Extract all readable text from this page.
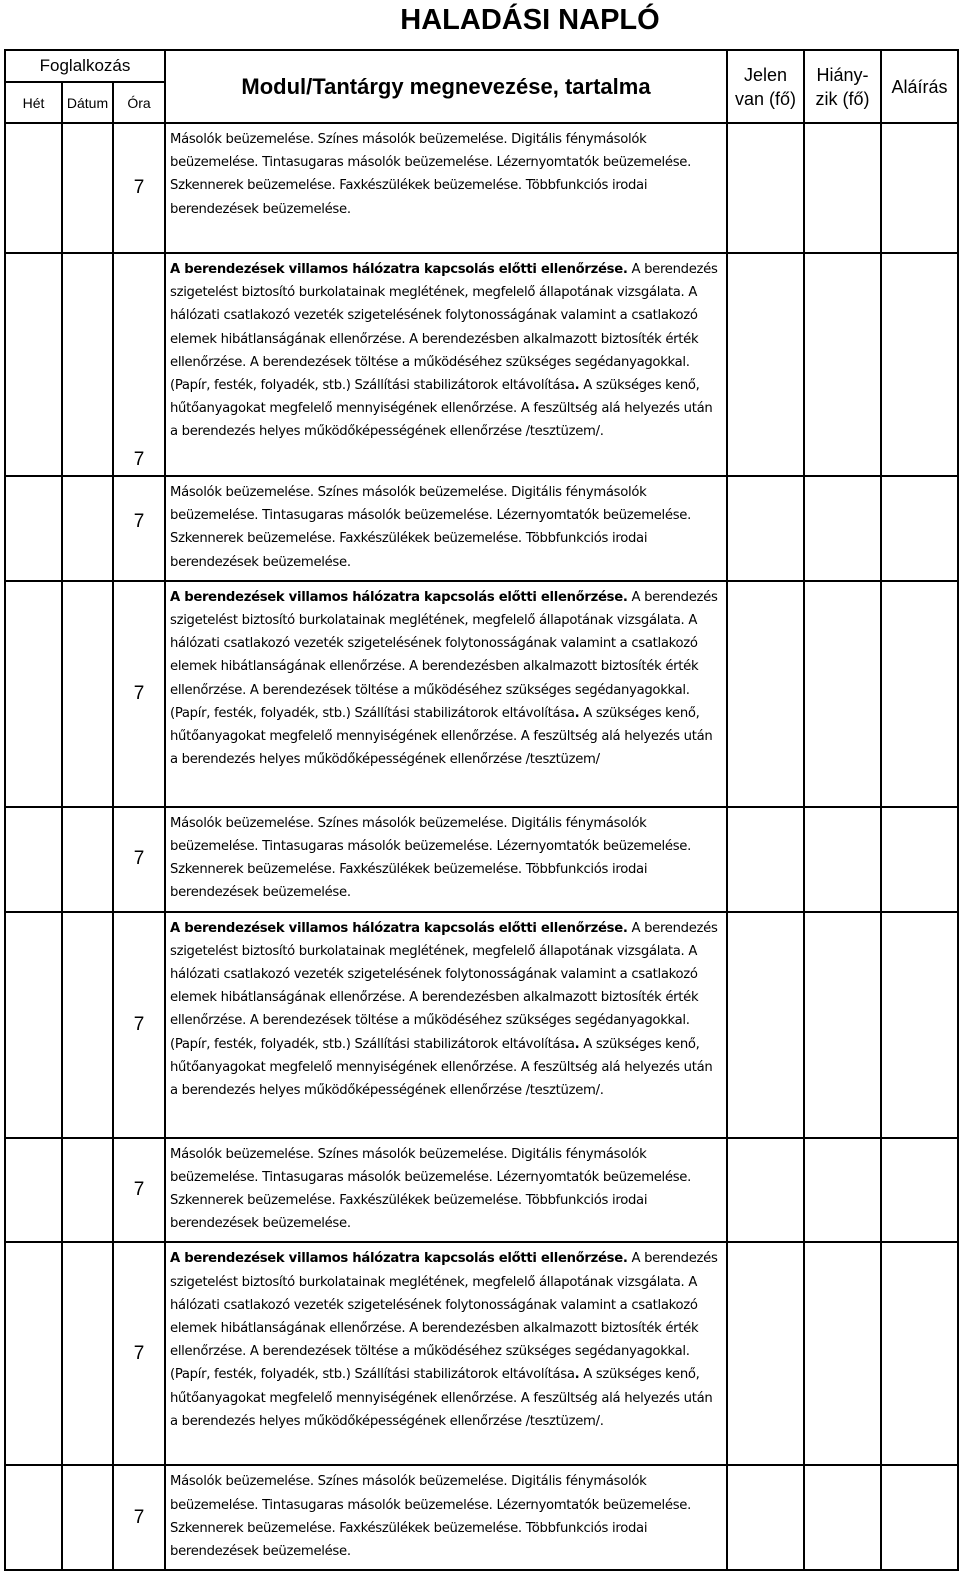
HALADÁSI NAPLÓ
Foglalkozás			Modul/Tantárgy megnevezése, tartalma	Jelen
van (fő)	Hiány-
zik (fő)	Aláírás
Hét	Dátum	Óra				
		7	Másolók beüzemelése. Színes másolók beüzemelése. Digitális fénymásolók beüzemelése. Tintasugaras másolók beüzemelése. Lézernyomtatók beüzemelése. Szkennerek beüzemelése. Faxkészülékek beüzemelése. Többfunkciós irodai berendezések beüzemelése.			
		7	A berendezések villamos hálózatra kapcsolás előtti ellenőrzése. A berendezés szigetelést biztosító burkolatainak meglétének, megfelelő állapotának vizsgálata. A hálózati csatlakozó vezeték szigetelésének folytonosságának valamint a csatlakozó elemek hibátlanságának ellenőrzése. A berendezésben alkalmazott biztosíték érték ellenőrzése. A berendezések töltése a működéséhez szükséges segédanyagokkal. (Papír, festék, folyadék, stb.) Szállítási stabilizátorok eltávolítása. A szükséges kenő, hűtőanyagokat megfelelő mennyiségének ellenőrzése. A feszültség alá helyezés után a berendezés helyes működőképességének ellenőrzése /tesztüzem/.			
		7	Másolók beüzemelése. Színes másolók beüzemelése. Digitális fénymásolók beüzemelése. Tintasugaras másolók beüzemelése. Lézernyomtatók beüzemelése. Szkennerek beüzemelése. Faxkészülékek beüzemelése. Többfunkciós irodai berendezések beüzemelése.			
		7	A berendezések villamos hálózatra kapcsolás előtti ellenőrzése. A berendezés szigetelést biztosító burkolatainak meglétének, megfelelő állapotának vizsgálata. A hálózati csatlakozó vezeték szigetelésének folytonosságának valamint a csatlakozó elemek hibátlanságának ellenőrzése. A berendezésben alkalmazott biztosíték érték ellenőrzése. A berendezések töltése a működéséhez szükséges segédanyagokkal. (Papír, festék, folyadék, stb.) Szállítási stabilizátorok eltávolítása. A szükséges kenő, hűtőanyagokat megfelelő mennyiségének ellenőrzése. A feszültség alá helyezés után a berendezés helyes működőképességének ellenőrzése /tesztüzem/			
		7	Másolók beüzemelése. Színes másolók beüzemelése. Digitális fénymásolók beüzemelése. Tintasugaras másolók beüzemelése. Lézernyomtatók beüzemelése. Szkennerek beüzemelése. Faxkészülékek beüzemelése. Többfunkciós irodai berendezések beüzemelése.			
		7	A berendezések villamos hálózatra kapcsolás előtti ellenőrzése. A berendezés szigetelést biztosító burkolatainak meglétének, megfelelő állapotának vizsgálata. A hálózati csatlakozó vezeték szigetelésének folytonosságának valamint a csatlakozó elemek hibátlanságának ellenőrzése. A berendezésben alkalmazott biztosíték érték ellenőrzése. A berendezések töltése a működéséhez szükséges segédanyagokkal. (Papír, festék, folyadék, stb.) Szállítási stabilizátorok eltávolítása. A szükséges kenő, hűtőanyagokat megfelelő mennyiségének ellenőrzése. A feszültség alá helyezés után a berendezés helyes működőképességének ellenőrzése /tesztüzem/.			
		7	Másolók beüzemelése. Színes másolók beüzemelése. Digitális fénymásolók beüzemelése. Tintasugaras másolók beüzemelése. Lézernyomtatók beüzemelése. Szkennerek beüzemelése. Faxkészülékek beüzemelése. Többfunkciós irodai berendezések beüzemelése.			
		7	A berendezések villamos hálózatra kapcsolás előtti ellenőrzése. A berendezés szigetelést biztosító burkolatainak meglétének, megfelelő állapotának vizsgálata. A hálózati csatlakozó vezeték szigetelésének folytonosságának valamint a csatlakozó elemek hibátlanságának ellenőrzése. A berendezésben alkalmazott biztosíték érték ellenőrzése. A berendezések töltése a működéséhez szükséges segédanyagokkal. (Papír, festék, folyadék, stb.) Szállítási stabilizátorok eltávolítása. A szükséges kenő, hűtőanyagokat megfelelő mennyiségének ellenőrzése. A feszültség alá helyezés után a berendezés helyes működőképességének ellenőrzése /tesztüzem/.			
		7	Másolók beüzemelése. Színes másolók beüzemelése. Digitális fénymásolók beüzemelése. Tintasugaras másolók beüzemelése. Lézernyomtatók beüzemelése. Szkennerek beüzemelése. Faxkészülékek beüzemelése. Többfunkciós irodai berendezések beüzemelése.			
